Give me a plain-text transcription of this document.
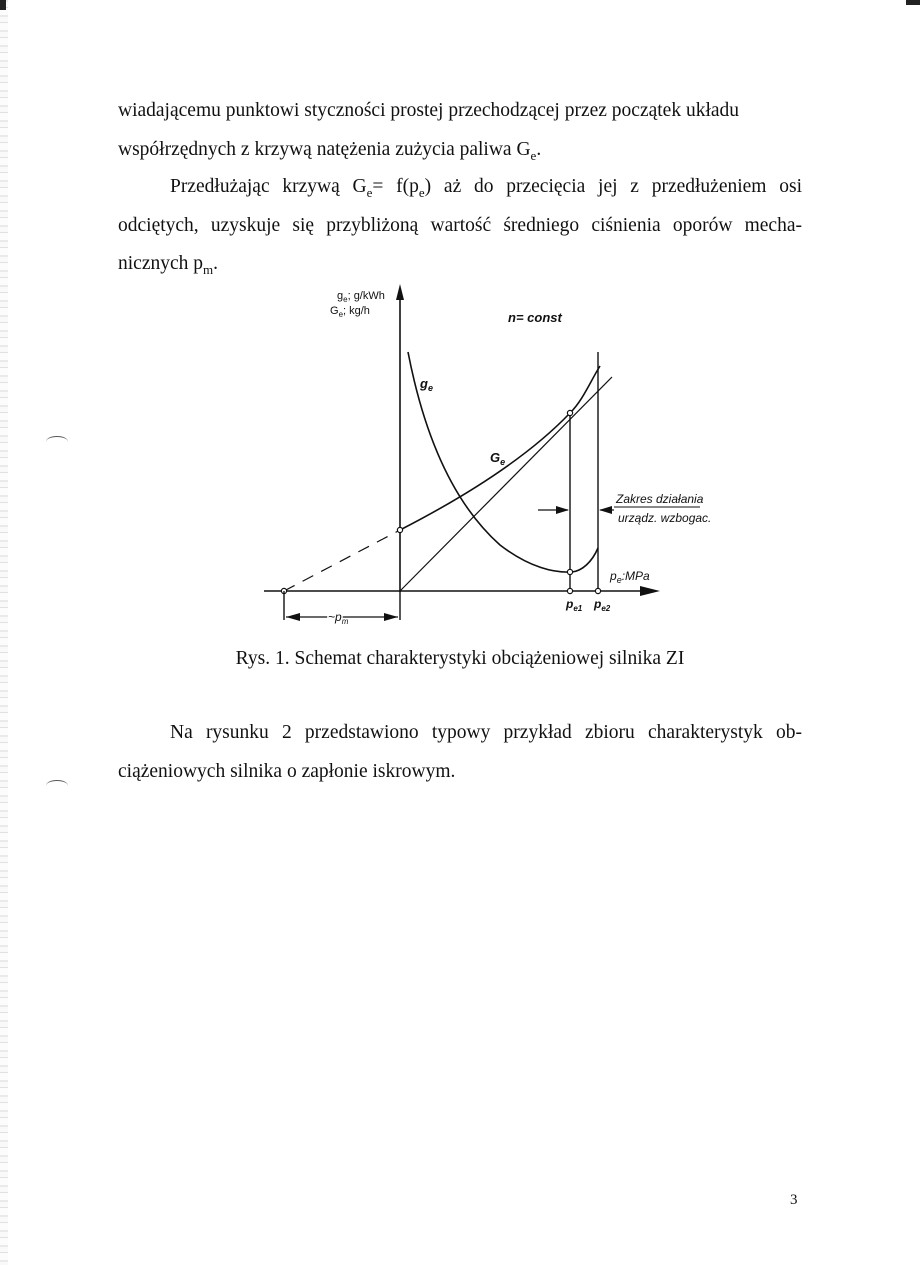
wiadającemu punktowi styczności prostej przechodzącej przez początek układu
współrzędnych z krzywą natężenia zużycia paliwa $G_e$.

Przedłużając krzywą $G_e= f(p_e)$ aż do przecięcia jej z przedłużeniem osi odciętych, uzyskuje się przybliżoną wartość średniego ciśnienia oporów mecha-nicznych $p_m$.

$g_e$; g/kWh
$G_e$; kg/h	n= const
$g_e$
$G_e$
Zakres działania
urządz. wzbogac.
$p_e:MPa$
$p_{e1}$ $p_{e2}$
$\sim p_m$

Rys. 1. Schemat charakterystyki obciążeniowej silnika ZI

Na rysunku 2 przedstawiono typowy przykład zbioru charakterystyk ob-ciążeniowych silnika o zapłonie iskrowym.

3
